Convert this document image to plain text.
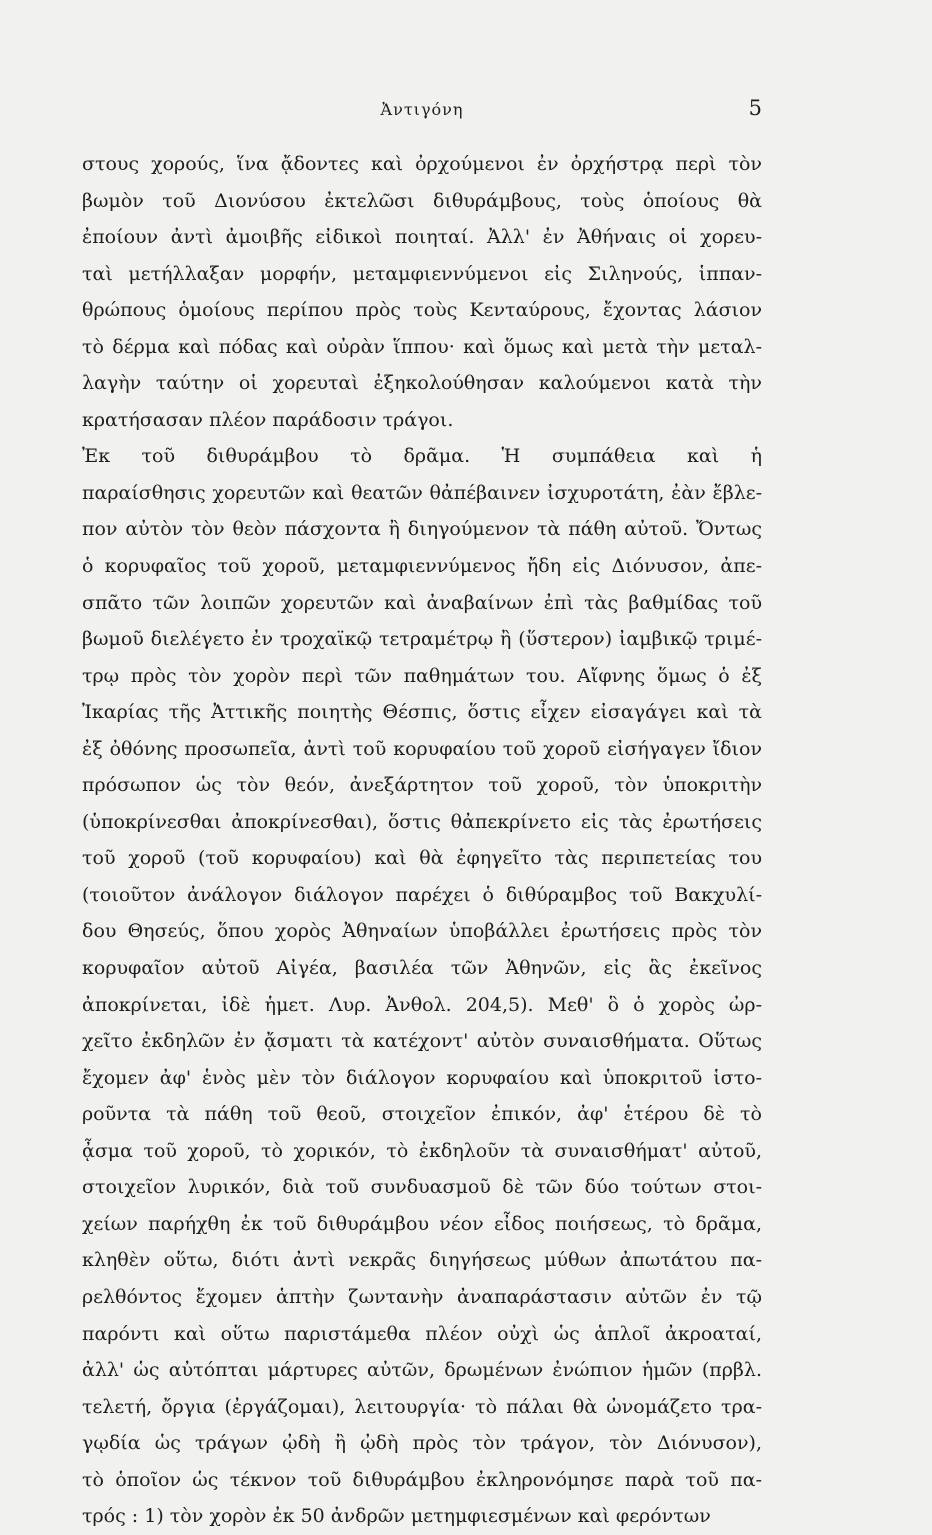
Ἀντιγόνη	5
στους χορούς, ἵνα ᾄδοντες καὶ ὀρχούμενοι ἐν ὀρχήστρᾳ περὶ τὸν
βωμὸν τοῦ Διονύσου ἐκτελῶσι διθυράμβους, τοὺς ὁποίους θὰ
ἐποίουν ἀντὶ ἀμοιβῆς εἰδικοὶ ποιηταί. Ἀλλ' ἐν Ἀθήναις οἱ χορευ-
ταὶ μετήλλαξαν μορφήν, μεταμφιεννύμενοι εἰς Σιληνούς, ἱππαν-
θρώπους ὁμοίους περίπου πρὸς τοὺς Κενταύρους, ἔχοντας λάσιον
τὸ δέρμα καὶ πόδας καὶ οὐρὰν ἵππου· καὶ ὅμως καὶ μετὰ τὴν μεταλ-
λαγὴν ταύτην οἱ χορευταὶ ἐξηκολούθησαν καλούμενοι κατὰ τὴν
κρατήσασαν πλέον παράδοσιν τράγοι.
Ἐκ τοῦ διθυράμβου τὸ δρᾶμα. Ἡ συμπάθεια καὶ ἡ
παραίσθησις χορευτῶν καὶ θεατῶν θἀπέβαινεν ἰσχυροτάτη, ἐὰν ἔβλε-
πον αὐτὸν τὸν θεὸν πάσχοντα ἢ διηγούμενον τὰ πάθη αὐτοῦ. Ὄντως
ὁ κορυφαῖος τοῦ χοροῦ, μεταμφιεννύμενος ἤδη εἰς Διόνυσον, ἀπε-
σπᾶτο τῶν λοιπῶν χορευτῶν καὶ ἀναβαίνων ἐπὶ τὰς βαθμίδας τοῦ
βωμοῦ διελέγετο ἐν τροχαϊκῷ τετραμέτρῳ ἢ (ὕστερον) ἰαμβικῷ τριμέ-
τρῳ πρὸς τὸν χορὸν περὶ τῶν παθημάτων του. Αἴφνης ὅμως ὁ ἐξ
Ἰκαρίας τῆς Ἀττικῆς ποιητὴς Θέσπις, ὅστις εἶχεν εἰσαγάγει καὶ τὰ
ἐξ ὀθόνης προσωπεῖα, ἀντὶ τοῦ κορυφαίου τοῦ χοροῦ εἰσήγαγεν ἴδιον
πρόσωπον ὡς τὸν θεόν, ἀνεξάρτητον τοῦ χοροῦ, τὸν ὑποκριτὴν
(ὑποκρίνεσθαι ἀποκρίνεσθαι), ὅστις θἀπεκρίνετο εἰς τὰς ἐρωτήσεις
τοῦ χοροῦ (τοῦ κορυφαίου) καὶ θὰ ἐφηγεῖτο τὰς περιπετείας του
(τοιοῦτον ἀνάλογον διάλογον παρέχει ὁ διθύραμβος τοῦ Βακχυλί-
δου Θησεύς, ὅπου χορὸς Ἀθηναίων ὑποβάλλει ἐρωτήσεις πρὸς τὸν
κορυφαῖον αὐτοῦ Αἰγέα, βασιλέα τῶν Ἀθηνῶν, εἰς ἃς ἐκεῖνος
ἀποκρίνεται, ἰδὲ ἡμετ. Λυρ. Ἀνθολ. 204,5). Μεθ' ὃ ὁ χορὸς ὠρ-
χεῖτο ἐκδηλῶν ἐν ᾄσματι τὰ κατέχοντ' αὐτὸν συναισθήματα. Οὕτως
ἔχομεν ἀφ' ἑνὸς μὲν τὸν διάλογον κορυφαίου καὶ ὑποκριτοῦ ἱστο-
ροῦντα τὰ πάθη τοῦ θεοῦ, στοιχεῖον ἐπικόν, ἀφ' ἑτέρου δὲ τὸ
ᾆσμα τοῦ χοροῦ, τὸ χορικόν, τὸ ἐκδηλοῦν τὰ συναισθήματ' αὐτοῦ,
στοιχεῖον λυρικόν, διὰ τοῦ συνδυασμοῦ δὲ τῶν δύο τούτων στοι-
χείων παρήχθη ἐκ τοῦ διθυράμβου νέον εἶδος ποιήσεως, τὸ δρᾶμα,
κληθὲν οὕτω, διότι ἀντὶ νεκρᾶς διηγήσεως μύθων ἀπωτάτου πα-
ρελθόντος ἔχομεν ἁπτὴν ζωντανὴν ἀναπαράστασιν αὐτῶν ἐν τῷ
παρόντι καὶ οὕτω παριστάμεθα πλέον οὐχὶ ὡς ἁπλοῖ ἀκροαταί,
ἀλλ' ὡς αὐτόπται μάρτυρες αὐτῶν, δρωμένων ἐνώπιον ἡμῶν (πρβλ.
τελετή, ὄργια (ἐργάζομαι), λειτουργία· τὸ πάλαι θὰ ὠνομάζετο τρα-
γῳδία ὡς τράγων ᾠδὴ ἢ ᾠδὴ πρὸς τὸν τράγον, τὸν Διόνυσον),
τὸ ὁποῖον ὡς τέκνον τοῦ διθυράμβου ἐκληρονόμησε παρὰ τοῦ πα-
τρός : 1) τὸν χορὸν ἐκ 50 ἀνδρῶν μετημφιεσμένων καὶ φερόντων
